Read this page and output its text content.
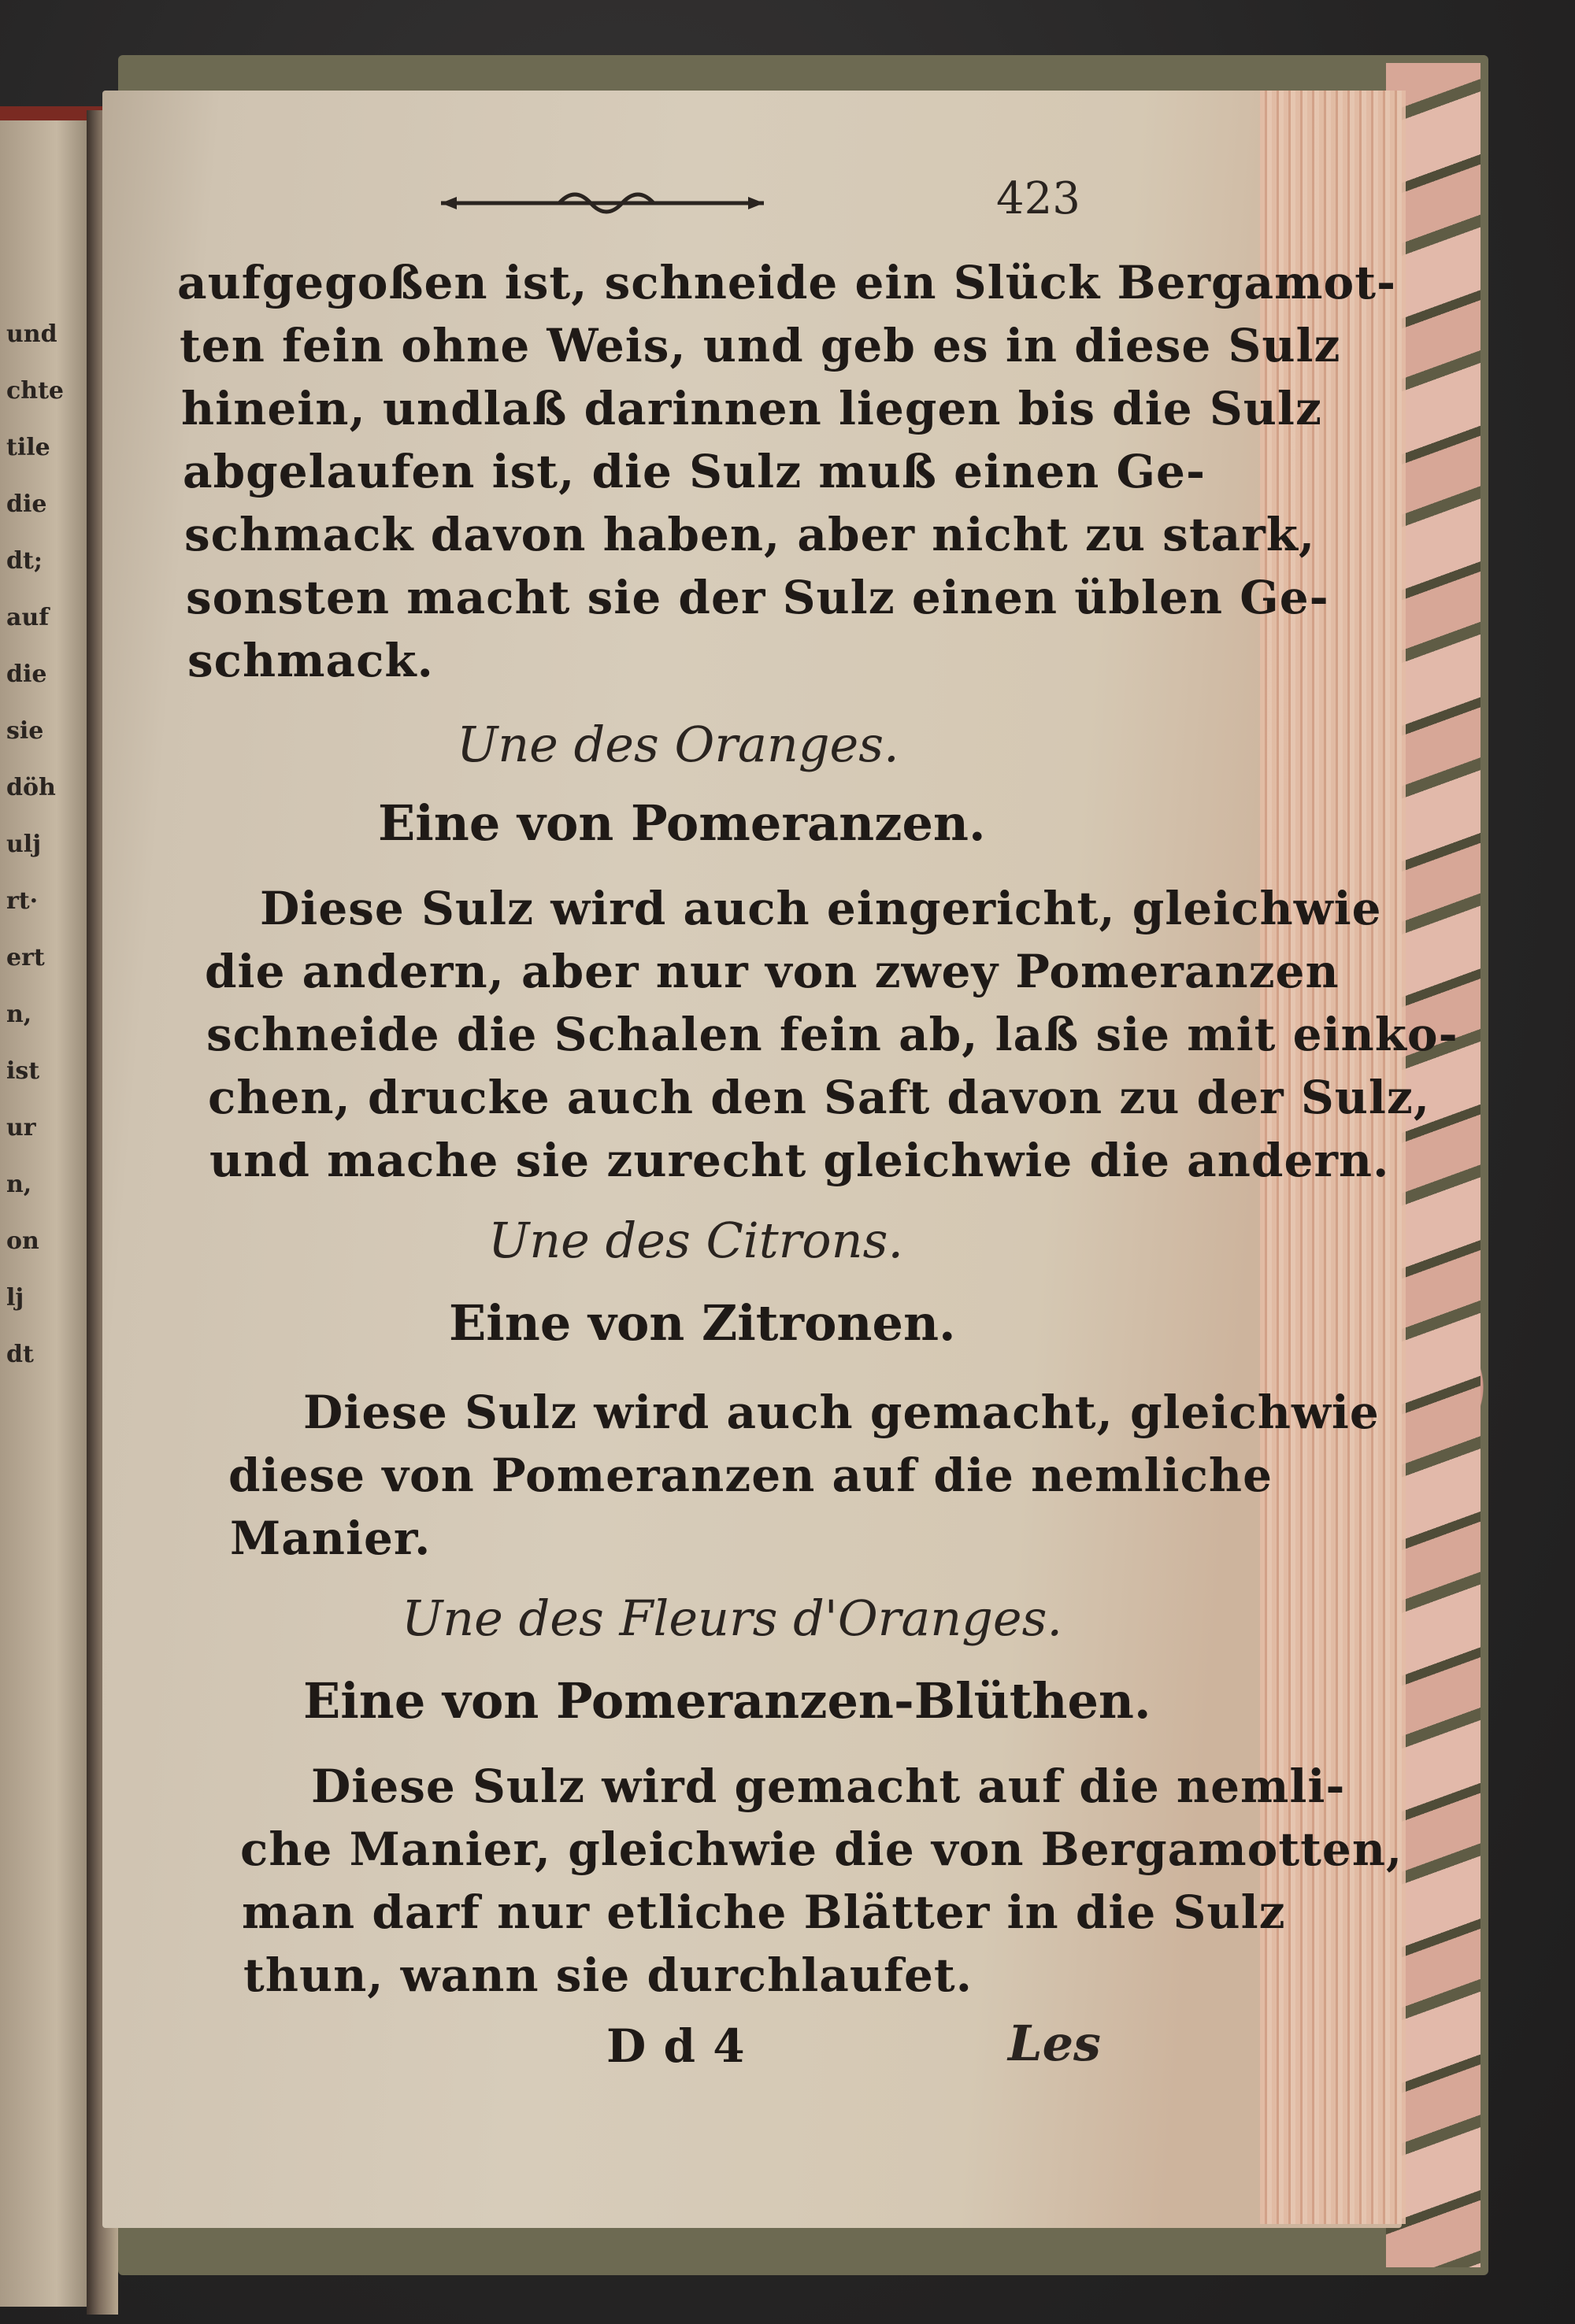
und
chte
tile
die
dt;
auf
die
sie
döh
ulj
rt·
ert
n,
ist
ur
n,
on
lj
dt
423
aufgegoßen ist, schneide ein Slück Bergamot-
ten fein ohne Weis, und geb es in diese Sulz
hinein, undlaß darinnen liegen bis die Sulz
abgelaufen ist, die Sulz muß einen Ge-
schmack davon haben, aber nicht zu stark,
sonsten macht sie der Sulz einen üblen Ge-
schmack.
Une des Oranges.
Eine von Pomeranzen.
Diese Sulz wird auch eingericht, gleichwie
die andern, aber nur von zwey Pomeranzen
schneide die Schalen fein ab, laß sie mit einko-
chen, drucke auch den Saft davon zu der Sulz,
und mache sie zurecht gleichwie die andern.
Une des Citrons.
Eine von Zitronen.
Diese Sulz wird auch gemacht, gleichwie
diese von Pomeranzen auf die nemliche
Manier.
Une des Fleurs d'Oranges.
Eine von Pomeranzen-Blüthen.
Diese Sulz wird gemacht auf die nemli-
che Manier, gleichwie die von Bergamotten,
man darf nur etliche Blätter in die Sulz
thun, wann sie durchlaufet.
D d 4	Les
